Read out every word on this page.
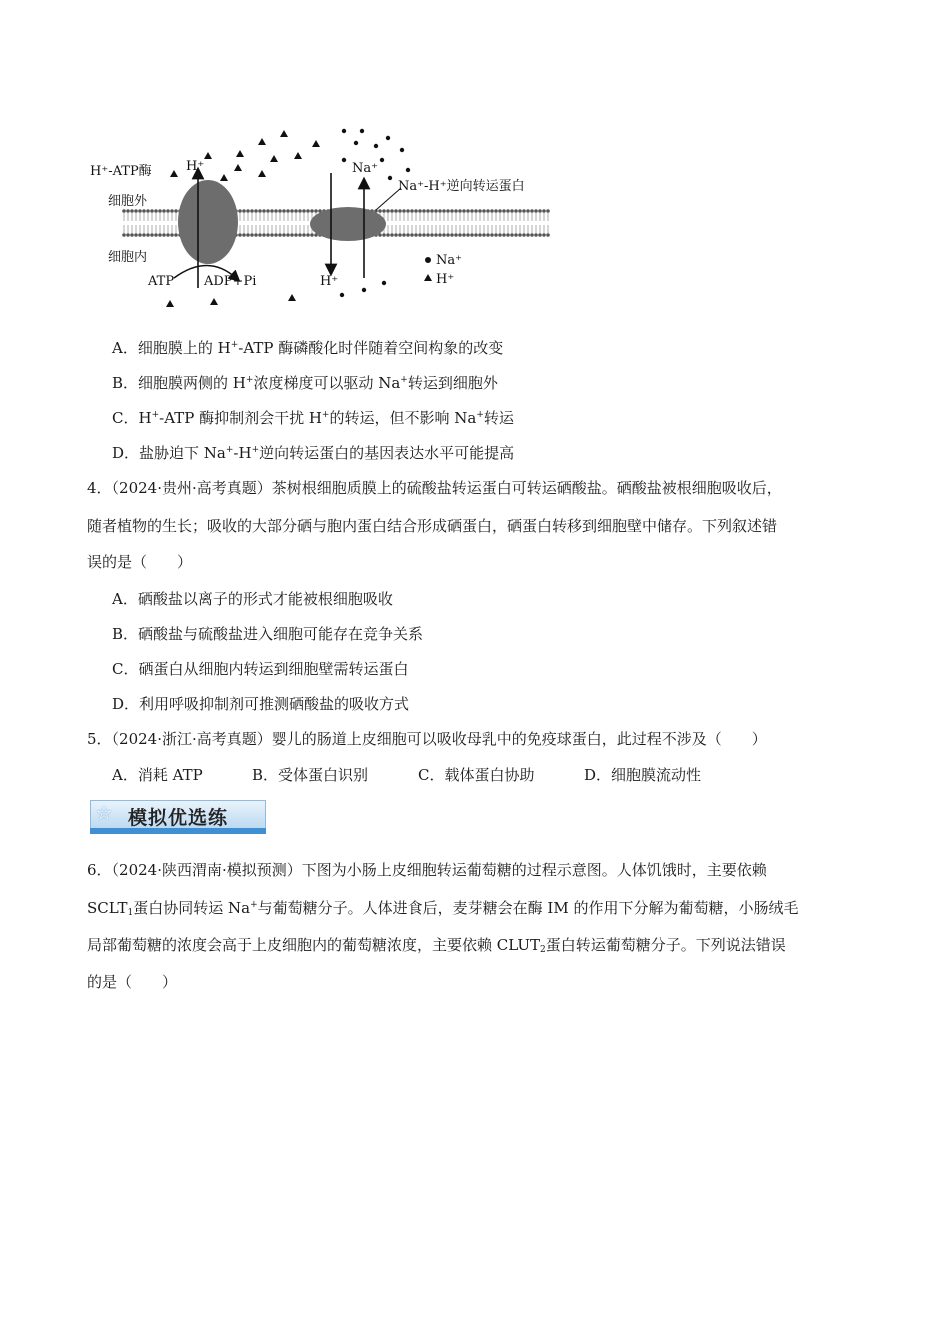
H⁺-ATP酶	H⁺
细胞外
细胞内
ATP ADP+Pi
Na⁺
Na⁺-H⁺逆向转运蛋白
H⁺
Na⁺
H⁺
A．细胞膜上的 H+-ATP 酶磷酸化时伴随着空间构象的改变
B．细胞膜两侧的 H+浓度梯度可以驱动 Na+转运到细胞外
C．H+-ATP 酶抑制剂会干扰 H+的转运，但不影响 Na+转运
D．盐胁迫下 Na+-H+逆向转运蛋白的基因表达水平可能提高
4．（2024·贵州·高考真题）茶树根细胞质膜上的硫酸盐转运蛋白可转运硒酸盐。硒酸盐被根细胞吸收后，
随者植物的生长；吸收的大部分硒与胞内蛋白结合形成硒蛋白，硒蛋白转移到细胞壁中储存。下列叙述错
误的是（　　）
A．硒酸盐以离子的形式才能被根细胞吸收
B．硒酸盐与硫酸盐进入细胞可能存在竞争关系
C．硒蛋白从细胞内转运到细胞壁需转运蛋白
D．利用呼吸抑制剂可推测硒酸盐的吸收方式
5．（2024·浙江·高考真题）婴儿的肠道上皮细胞可以吸收母乳中的免疫球蛋白，此过程不涉及（　　）
A．消耗 ATP	B．受体蛋白识别	C．载体蛋白协助	D．细胞膜流动性
☆ 模拟优选练
6．（2024·陕西渭南·模拟预测）下图为小肠上皮细胞转运葡萄糖的过程示意图。人体饥饿时，主要依赖
$SCLT_1$蛋白协同转运 Na+与葡萄糖分子。人体进食后，麦芽糖会在酶 IM 的作用下分解为葡萄糖，小肠绒毛
局部葡萄糖的浓度会高于上皮细胞内的葡萄糖浓度，主要依赖 $CLUT_2$蛋白转运葡萄糖分子。下列说法错误
的是（　　）
